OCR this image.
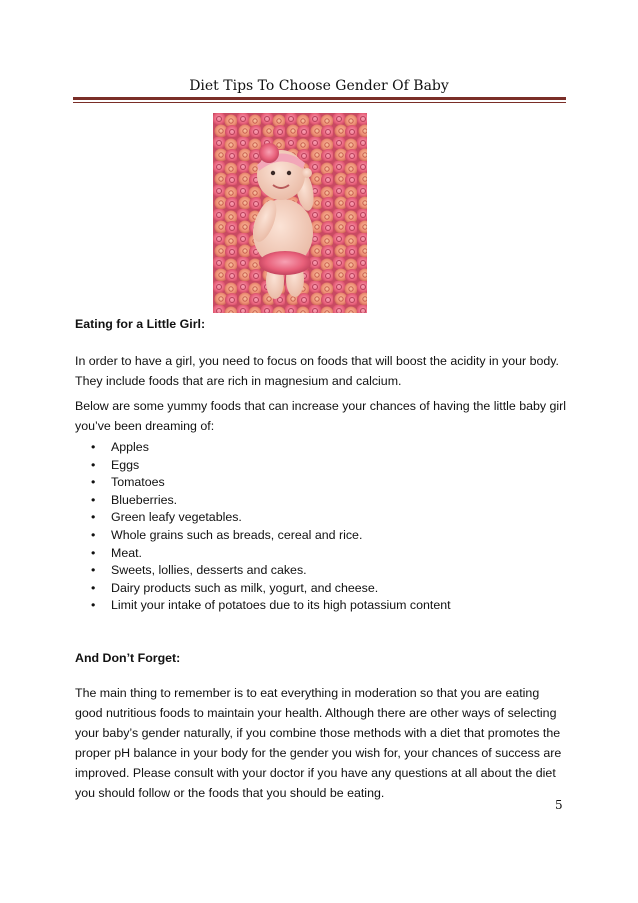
Diet Tips To Choose Gender Of Baby
Eating for a Little Girl:
In order to have a girl, you need to focus on foods that will boost the acidity in your body. They include foods that are rich in magnesium and calcium.
Below are some yummy foods that can increase your chances of having the little baby girl you’ve been dreaming of:
• Apples
• Eggs
• Tomatoes
• Blueberries.
• Green leafy vegetables.
• Whole grains such as breads, cereal and rice.
• Meat.
• Sweets, lollies, desserts and cakes.
• Dairy products such as milk, yogurt, and cheese.
• Limit your intake of potatoes due to its high potassium content
And Don’t Forget:
The main thing to remember is to eat everything in moderation so that you are eating good nutritious foods to maintain your health. Although there are other ways of selecting your baby’s gender naturally, if you combine those methods with a diet that promotes the proper pH balance in your body for the gender you wish for, your chances of success are improved. Please consult with your doctor if you have any questions at all about the diet you should follow or the foods that you should be eating.
5
